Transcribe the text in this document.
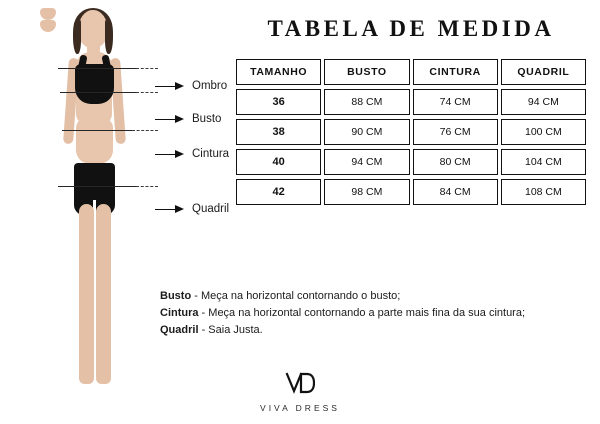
Ombro
Busto
Cintura
Quadril
TABELA DE MEDIDA
TAMANHO	BUSTO	CINTURA	QUADRIL
36	88 CM	74 CM	94 CM
38	90 CM	76 CM	100 CM
40	94 CM	80 CM	104 CM
42	98 CM	84 CM	108 CM
Busto - Meça na horizontal contornando o busto;
Cintura - Meça na horizontal contornando a parte mais fina da sua cintura;
Quadril - Saia Justa.
VIVA DRESS
